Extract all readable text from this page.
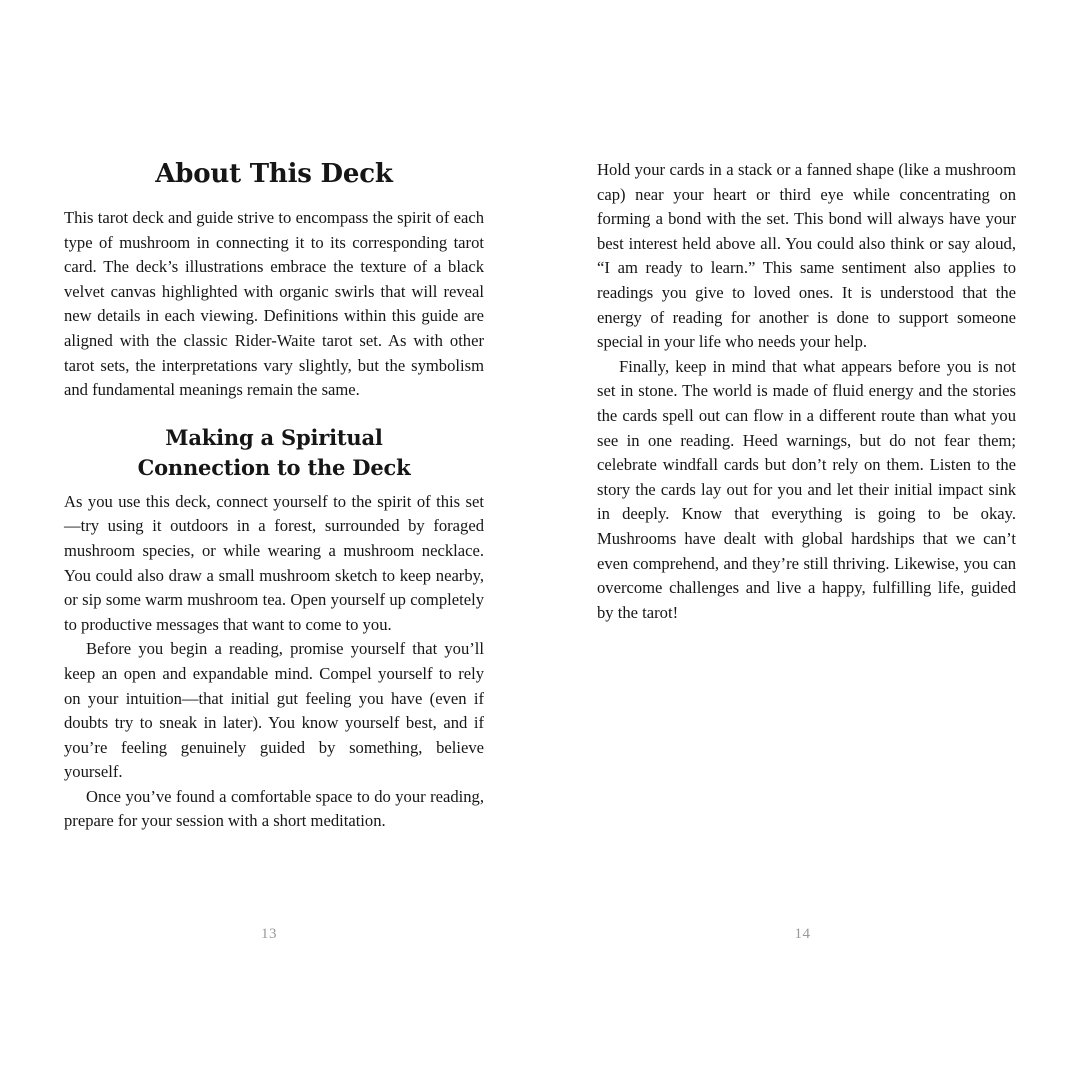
About This Deck

This tarot deck and guide strive to encompass the spirit of each type of mushroom in connecting it to its corresponding tarot card. The deck’s illustrations embrace the texture of a black velvet canvas highlighted with organic swirls that will reveal new details in each viewing. Definitions within this guide are aligned with the classic Rider-Waite tarot set. As with other tarot sets, the interpretations vary slightly, but the symbolism and fundamental meanings remain the same.

Making a Spiritual
Connection to the Deck

As you use this deck, connect yourself to the spirit of this set—try using it outdoors in a forest, surrounded by foraged mushroom species, or while wearing a mushroom necklace. You could also draw a small mushroom sketch to keep nearby, or sip some warm mushroom tea. Open yourself up completely to productive messages that want to come to you.

Before you begin a reading, promise yourself that you’ll keep an open and expandable mind. Compel yourself to rely on your intuition—that initial gut feeling you have (even if doubts try to sneak in later). You know yourself best, and if you’re feeling genuinely guided by something, believe yourself.

Once you’ve found a comfortable space to do your reading, prepare for your session with a short meditation.

13

Hold your cards in a stack or a fanned shape (like a mushroom cap) near your heart or third eye while concentrating on forming a bond with the set. This bond will always have your best interest held above all. You could also think or say aloud, “I am ready to learn.” This same sentiment also applies to readings you give to loved ones. It is understood that the energy of reading for another is done to support someone special in your life who needs your help.

Finally, keep in mind that what appears before you is not set in stone. The world is made of fluid energy and the stories the cards spell out can flow in a different route than what you see in one reading. Heed warnings, but do not fear them; celebrate windfall cards but don’t rely on them. Listen to the story the cards lay out for you and let their initial impact sink in deeply. Know that everything is going to be okay. Mushrooms have dealt with global hardships that we can’t even comprehend, and they’re still thriving. Likewise, you can overcome challenges and live a happy, fulfilling life, guided by the tarot!

14
